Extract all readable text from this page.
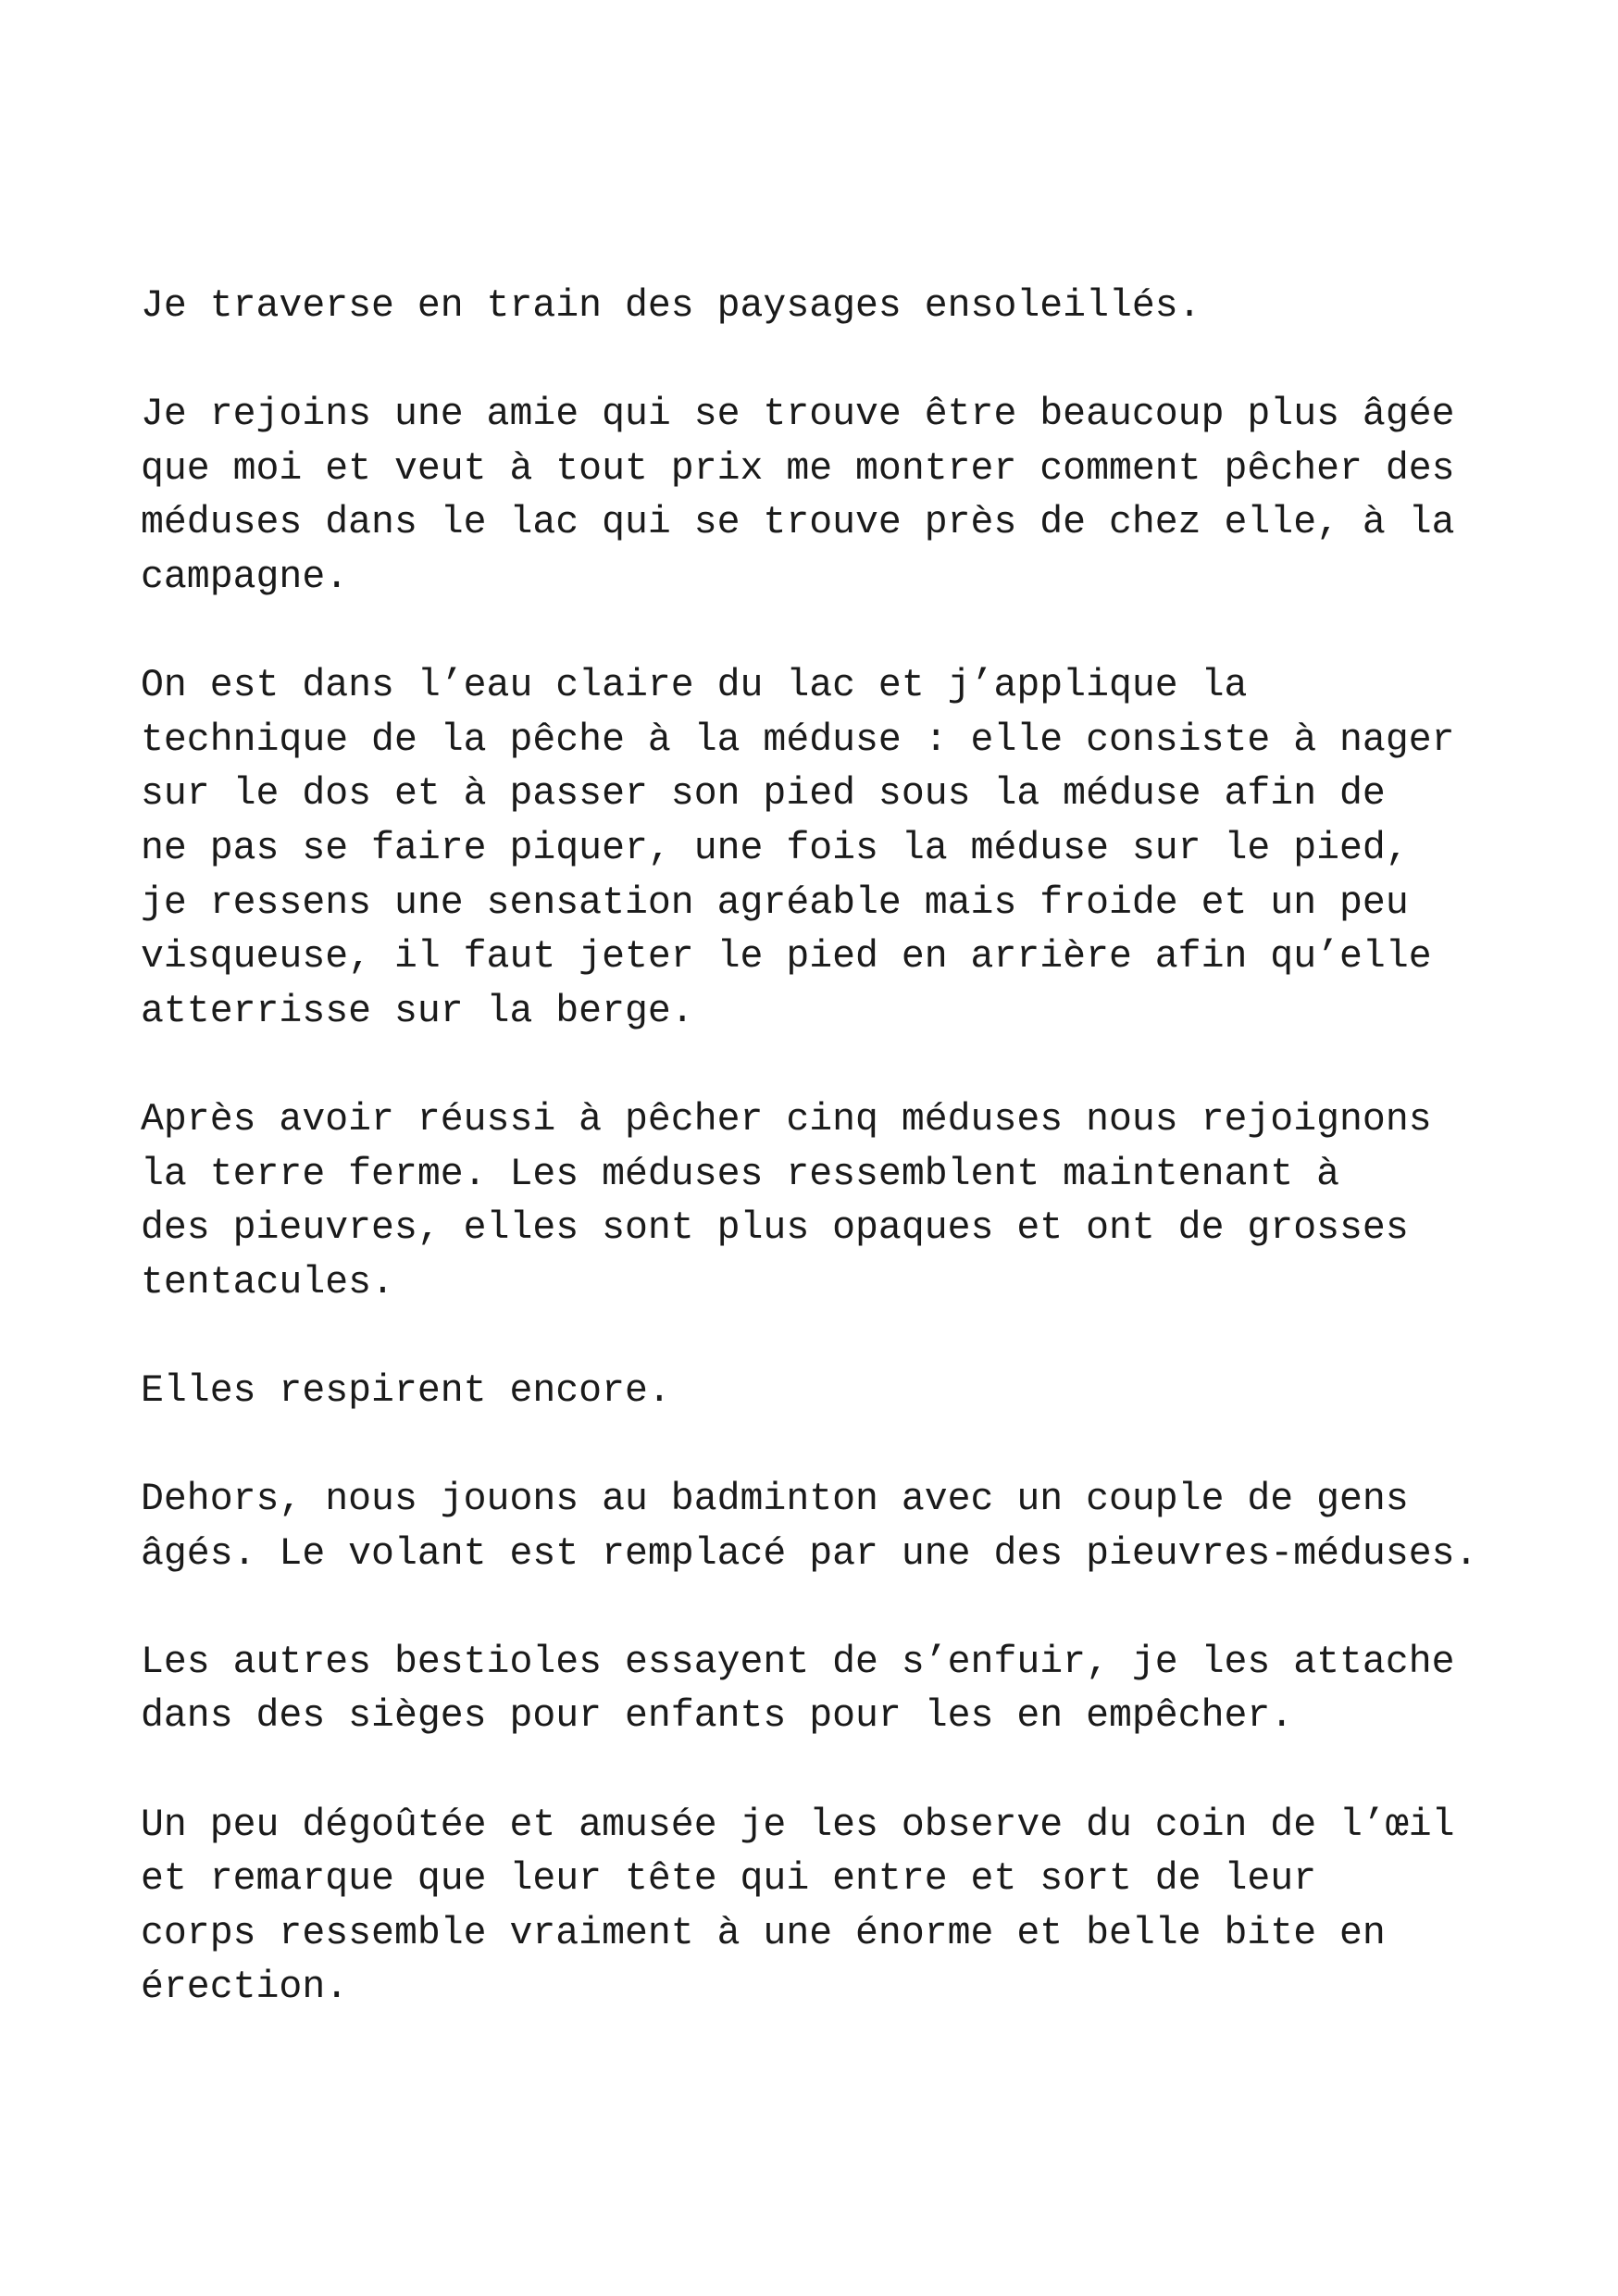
Je traverse en train des paysages ensoleillés.

Je rejoins une amie qui se trouve être beaucoup plus âgée
que moi et veut à tout prix me montrer comment pêcher des
méduses dans le lac qui se trouve près de chez elle, à la
campagne.

On est dans l’eau claire du lac et j’applique la
technique de la pêche à la méduse : elle consiste à nager
sur le dos et à passer son pied sous la méduse afin de
ne pas se faire piquer, une fois la méduse sur le pied,
je ressens une sensation agréable mais froide et un peu
visqueuse, il faut jeter le pied en arrière afin qu’elle
atterrisse sur la berge.

Après avoir réussi à pêcher cinq méduses nous rejoignons
la terre ferme. Les méduses ressemblent maintenant à
des pieuvres, elles sont plus opaques et ont de grosses
tentacules.

Elles respirent encore.

Dehors, nous jouons au badminton avec un couple de gens
âgés. Le volant est remplacé par une des pieuvres-méduses.

Les autres bestioles essayent de s’enfuir, je les attache
dans des sièges pour enfants pour les en empêcher.

Un peu dégoûtée et amusée je les observe du coin de l’œil
et remarque que leur tête qui entre et sort de leur
corps ressemble vraiment à une énorme et belle bite en
érection.
